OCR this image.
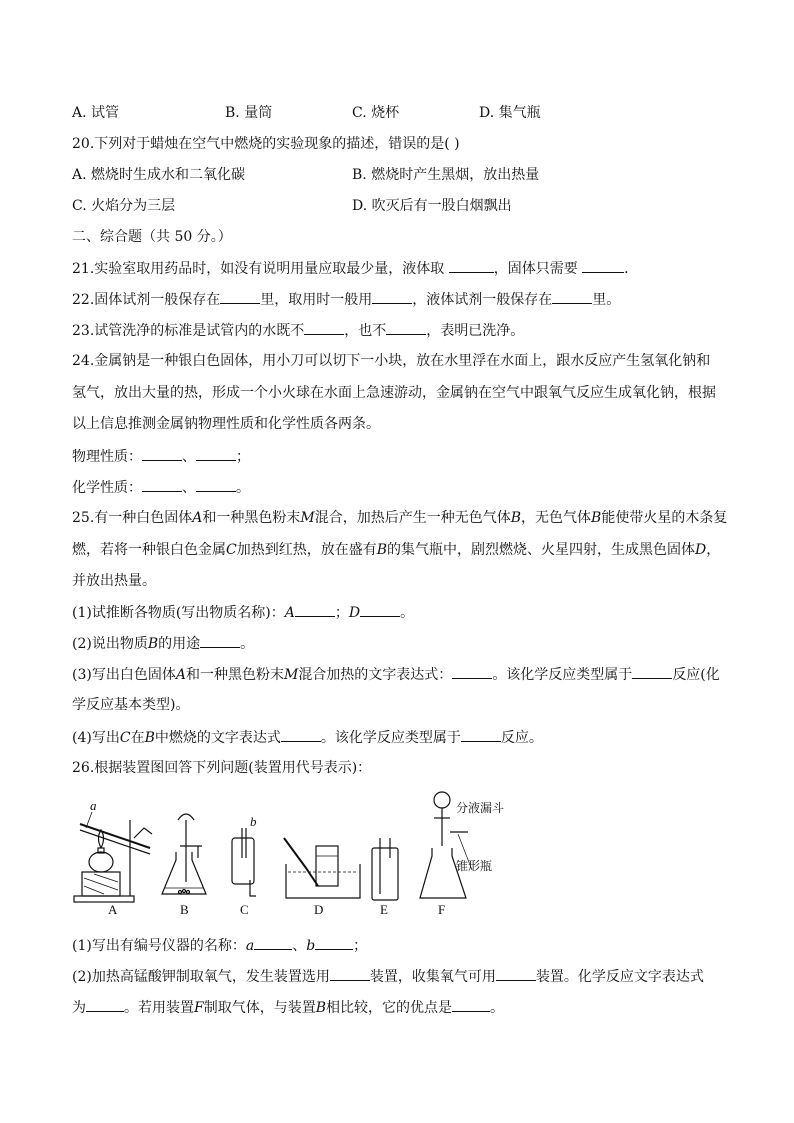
A. 试管	B. 量筒	C. 烧杯	D. 集气瓶
20.下列对于蜡烛在空气中燃烧的实验现象的描述，错误的是( )
A. 燃烧时生成水和二氧化碳	B. 燃烧时产生黑烟，放出热量
C. 火焰分为三层	D. 吹灭后有一股白烟飘出
二、综合题（共 50 分。）
21.实验室取用药品时，如没有说明用量应取最少量，液体取	，固体只需要	．
22.固体试剂一般保存在	里，取用时一般用	，液体试剂一般保存在	里。
23.试管洗净的标准是试管内的水既不	，也不	，表明已洗净。
24.金属钠是一种银白色固体，用小刀可以切下一小块，放在水里浮在水面上，跟水反应产生氢氧化钠和
氢气，放出大量的热，形成一个小火球在水面上急速游动，金属钠在空气中跟氧气反应生成氧化钠，根据
以上信息推测金属钠物理性质和化学性质各两条。
物理性质：	、	；
化学性质：	、	。
25.有一种白色固体A和一种黑色粉末M混合，加热后产生一种无色气体B，无色气体B能使带火星的木条复
燃，若将一种银白色金属C加热到红热，放在盛有B的集气瓶中，剧烈燃烧、火星四射，生成黑色固体D，
并放出热量。
(1)试推断各物质(写出物质名称)：A	；D	。
(2)说出物质B的用途	。
(3)写出白色固体A和一种黑色粉末M混合加热的文字表达式：	。该化学反应类型属于	反应(化
学反应基本类型)。
(4)写出C在B中燃烧的文字表达式	。该化学反应类型属于	反应。
26.根据装置图回答下列问题(装置用代号表示)：
(1)写出有编号仪器的名称：a	、b	；
(2)加热高锰酸钾制取氧气，发生装置选用	装置，收集氧气可用	装置。化学反应文字表达式
为	。若用装置F制取气体，与装置B相比较，它的优点是	。
A
a
B	C
b
D	E	F
分液漏斗
锥形瓶
